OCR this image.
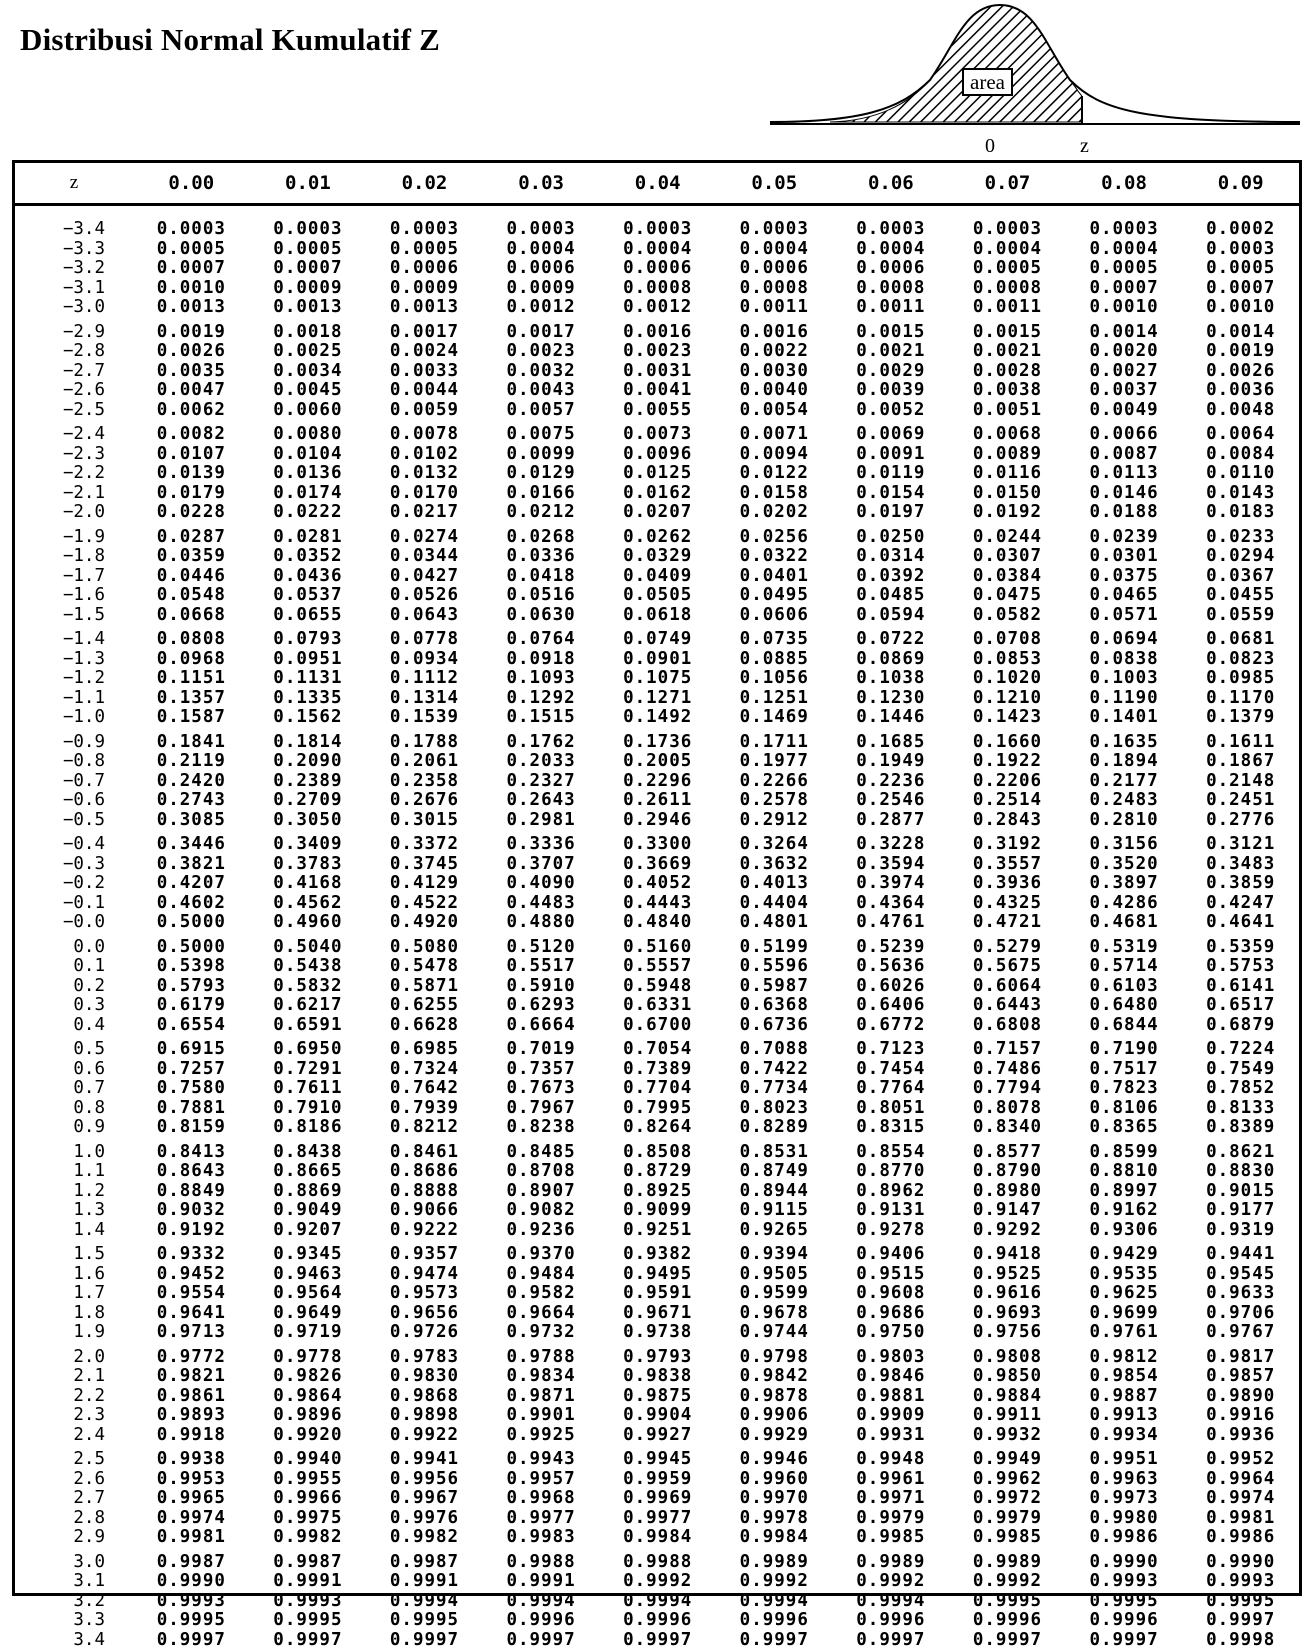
Distribusi Normal Kumulatif Z
area
0	z
z	0.00	0.01	0.02	0.03	0.04	0.05	0.06	0.07	0.08	0.09
−3.4	0.0003	0.0003	0.0003	0.0003	0.0003	0.0003	0.0003	0.0003	0.0003	0.0002
−3.3	0.0005	0.0005	0.0005	0.0004	0.0004	0.0004	0.0004	0.0004	0.0004	0.0003
−3.2	0.0007	0.0007	0.0006	0.0006	0.0006	0.0006	0.0006	0.0005	0.0005	0.0005
−3.1	0.0010	0.0009	0.0009	0.0009	0.0008	0.0008	0.0008	0.0008	0.0007	0.0007
−3.0	0.0013	0.0013	0.0013	0.0012	0.0012	0.0011	0.0011	0.0011	0.0010	0.0010
−2.9	0.0019	0.0018	0.0017	0.0017	0.0016	0.0016	0.0015	0.0015	0.0014	0.0014
−2.8	0.0026	0.0025	0.0024	0.0023	0.0023	0.0022	0.0021	0.0021	0.0020	0.0019
−2.7	0.0035	0.0034	0.0033	0.0032	0.0031	0.0030	0.0029	0.0028	0.0027	0.0026
−2.6	0.0047	0.0045	0.0044	0.0043	0.0041	0.0040	0.0039	0.0038	0.0037	0.0036
−2.5	0.0062	0.0060	0.0059	0.0057	0.0055	0.0054	0.0052	0.0051	0.0049	0.0048
−2.4	0.0082	0.0080	0.0078	0.0075	0.0073	0.0071	0.0069	0.0068	0.0066	0.0064
−2.3	0.0107	0.0104	0.0102	0.0099	0.0096	0.0094	0.0091	0.0089	0.0087	0.0084
−2.2	0.0139	0.0136	0.0132	0.0129	0.0125	0.0122	0.0119	0.0116	0.0113	0.0110
−2.1	0.0179	0.0174	0.0170	0.0166	0.0162	0.0158	0.0154	0.0150	0.0146	0.0143
−2.0	0.0228	0.0222	0.0217	0.0212	0.0207	0.0202	0.0197	0.0192	0.0188	0.0183
−1.9	0.0287	0.0281	0.0274	0.0268	0.0262	0.0256	0.0250	0.0244	0.0239	0.0233
−1.8	0.0359	0.0352	0.0344	0.0336	0.0329	0.0322	0.0314	0.0307	0.0301	0.0294
−1.7	0.0446	0.0436	0.0427	0.0418	0.0409	0.0401	0.0392	0.0384	0.0375	0.0367
−1.6	0.0548	0.0537	0.0526	0.0516	0.0505	0.0495	0.0485	0.0475	0.0465	0.0455
−1.5	0.0668	0.0655	0.0643	0.0630	0.0618	0.0606	0.0594	0.0582	0.0571	0.0559
−1.4	0.0808	0.0793	0.0778	0.0764	0.0749	0.0735	0.0722	0.0708	0.0694	0.0681
−1.3	0.0968	0.0951	0.0934	0.0918	0.0901	0.0885	0.0869	0.0853	0.0838	0.0823
−1.2	0.1151	0.1131	0.1112	0.1093	0.1075	0.1056	0.1038	0.1020	0.1003	0.0985
−1.1	0.1357	0.1335	0.1314	0.1292	0.1271	0.1251	0.1230	0.1210	0.1190	0.1170
−1.0	0.1587	0.1562	0.1539	0.1515	0.1492	0.1469	0.1446	0.1423	0.1401	0.1379
−0.9	0.1841	0.1814	0.1788	0.1762	0.1736	0.1711	0.1685	0.1660	0.1635	0.1611
−0.8	0.2119	0.2090	0.2061	0.2033	0.2005	0.1977	0.1949	0.1922	0.1894	0.1867
−0.7	0.2420	0.2389	0.2358	0.2327	0.2296	0.2266	0.2236	0.2206	0.2177	0.2148
−0.6	0.2743	0.2709	0.2676	0.2643	0.2611	0.2578	0.2546	0.2514	0.2483	0.2451
−0.5	0.3085	0.3050	0.3015	0.2981	0.2946	0.2912	0.2877	0.2843	0.2810	0.2776
−0.4	0.3446	0.3409	0.3372	0.3336	0.3300	0.3264	0.3228	0.3192	0.3156	0.3121
−0.3	0.3821	0.3783	0.3745	0.3707	0.3669	0.3632	0.3594	0.3557	0.3520	0.3483
−0.2	0.4207	0.4168	0.4129	0.4090	0.4052	0.4013	0.3974	0.3936	0.3897	0.3859
−0.1	0.4602	0.4562	0.4522	0.4483	0.4443	0.4404	0.4364	0.4325	0.4286	0.4247
−0.0	0.5000	0.4960	0.4920	0.4880	0.4840	0.4801	0.4761	0.4721	0.4681	0.4641
0.0	0.5000	0.5040	0.5080	0.5120	0.5160	0.5199	0.5239	0.5279	0.5319	0.5359
0.1	0.5398	0.5438	0.5478	0.5517	0.5557	0.5596	0.5636	0.5675	0.5714	0.5753
0.2	0.5793	0.5832	0.5871	0.5910	0.5948	0.5987	0.6026	0.6064	0.6103	0.6141
0.3	0.6179	0.6217	0.6255	0.6293	0.6331	0.6368	0.6406	0.6443	0.6480	0.6517
0.4	0.6554	0.6591	0.6628	0.6664	0.6700	0.6736	0.6772	0.6808	0.6844	0.6879
0.5	0.6915	0.6950	0.6985	0.7019	0.7054	0.7088	0.7123	0.7157	0.7190	0.7224
0.6	0.7257	0.7291	0.7324	0.7357	0.7389	0.7422	0.7454	0.7486	0.7517	0.7549
0.7	0.7580	0.7611	0.7642	0.7673	0.7704	0.7734	0.7764	0.7794	0.7823	0.7852
0.8	0.7881	0.7910	0.7939	0.7967	0.7995	0.8023	0.8051	0.8078	0.8106	0.8133
0.9	0.8159	0.8186	0.8212	0.8238	0.8264	0.8289	0.8315	0.8340	0.8365	0.8389
1.0	0.8413	0.8438	0.8461	0.8485	0.8508	0.8531	0.8554	0.8577	0.8599	0.8621
1.1	0.8643	0.8665	0.8686	0.8708	0.8729	0.8749	0.8770	0.8790	0.8810	0.8830
1.2	0.8849	0.8869	0.8888	0.8907	0.8925	0.8944	0.8962	0.8980	0.8997	0.9015
1.3	0.9032	0.9049	0.9066	0.9082	0.9099	0.9115	0.9131	0.9147	0.9162	0.9177
1.4	0.9192	0.9207	0.9222	0.9236	0.9251	0.9265	0.9278	0.9292	0.9306	0.9319
1.5	0.9332	0.9345	0.9357	0.9370	0.9382	0.9394	0.9406	0.9418	0.9429	0.9441
1.6	0.9452	0.9463	0.9474	0.9484	0.9495	0.9505	0.9515	0.9525	0.9535	0.9545
1.7	0.9554	0.9564	0.9573	0.9582	0.9591	0.9599	0.9608	0.9616	0.9625	0.9633
1.8	0.9641	0.9649	0.9656	0.9664	0.9671	0.9678	0.9686	0.9693	0.9699	0.9706
1.9	0.9713	0.9719	0.9726	0.9732	0.9738	0.9744	0.9750	0.9756	0.9761	0.9767
2.0	0.9772	0.9778	0.9783	0.9788	0.9793	0.9798	0.9803	0.9808	0.9812	0.9817
2.1	0.9821	0.9826	0.9830	0.9834	0.9838	0.9842	0.9846	0.9850	0.9854	0.9857
2.2	0.9861	0.9864	0.9868	0.9871	0.9875	0.9878	0.9881	0.9884	0.9887	0.9890
2.3	0.9893	0.9896	0.9898	0.9901	0.9904	0.9906	0.9909	0.9911	0.9913	0.9916
2.4	0.9918	0.9920	0.9922	0.9925	0.9927	0.9929	0.9931	0.9932	0.9934	0.9936
2.5	0.9938	0.9940	0.9941	0.9943	0.9945	0.9946	0.9948	0.9949	0.9951	0.9952
2.6	0.9953	0.9955	0.9956	0.9957	0.9959	0.9960	0.9961	0.9962	0.9963	0.9964
2.7	0.9965	0.9966	0.9967	0.9968	0.9969	0.9970	0.9971	0.9972	0.9973	0.9974
2.8	0.9974	0.9975	0.9976	0.9977	0.9977	0.9978	0.9979	0.9979	0.9980	0.9981
2.9	0.9981	0.9982	0.9982	0.9983	0.9984	0.9984	0.9985	0.9985	0.9986	0.9986
3.0	0.9987	0.9987	0.9987	0.9988	0.9988	0.9989	0.9989	0.9989	0.9990	0.9990
3.1	0.9990	0.9991	0.9991	0.9991	0.9992	0.9992	0.9992	0.9992	0.9993	0.9993
3.2	0.9993	0.9993	0.9994	0.9994	0.9994	0.9994	0.9994	0.9995	0.9995	0.9995
3.3	0.9995	0.9995	0.9995	0.9996	0.9996	0.9996	0.9996	0.9996	0.9996	0.9997
3.4	0.9997	0.9997	0.9997	0.9997	0.9997	0.9997	0.9997	0.9997	0.9997	0.9998
